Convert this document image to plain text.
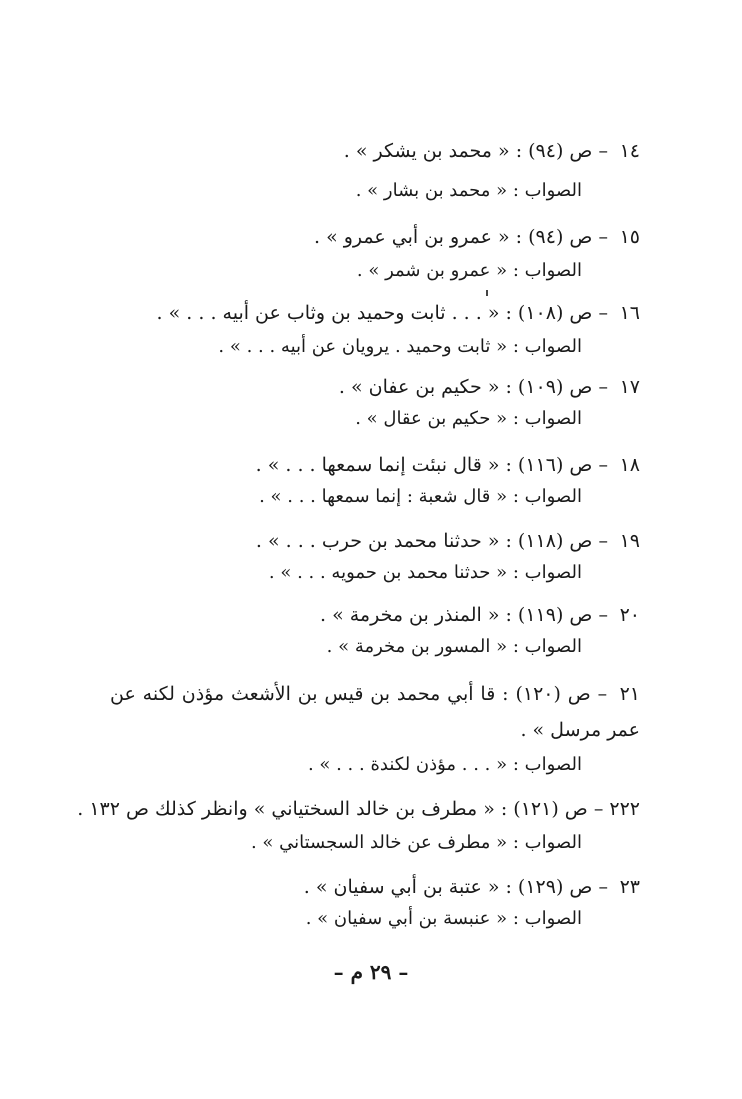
١٤ – ص (٩٤) : « محمد بن يشكر » .
الصواب : « محمد بن بشار » .
١٥ – ص (٩٤) : « عمرو بن أبي عمرو » .
الصواب : « عمرو بن شمر » .
١٦ – ص (١٠٨) : « . . . ثابت وحميد بن وثاب عن أبيه . . . » .
الصواب : « ثابت وحميد . يرويان عن أبيه . . . » .
١٧ – ص (١٠٩) : « حكيم بن عفان » .
الصواب : « حكيم بن عقال » .
١٨ – ص (١١٦) : « قال نبئت إنما سمعها . . . » .
الصواب : « قال شعبة : إنما سمعها . . . » .
١٩ – ص (١١٨) : « حدثنا محمد بن حرب . . . » .
الصواب : « حدثنا محمد بن حمويه . . . » .
٢٠ – ص (١١٩) : « المنذر بن مخرمة » .
الصواب : « المسور بن مخرمة » .
٢١ – ص (١٢٠) : قا أبي محمد بن قيس بن الأشعث مؤذن لكنه عن عمر مرسل » .
الصواب : « . . . مؤذن لكندة . . . » .
٢٢٢ – ص (١٢١) : « مطرف بن خالد السختياني » وانظر كذلك ص ١٣٢ .
الصواب : « مطرف عن خالد السجستاني » .
٢٣ – ص (١٢٩) : « عتبة بن أبي سفيان » .
الصواب : « عنبسة بن أبي سفيان » .
– ٢٩ م –
